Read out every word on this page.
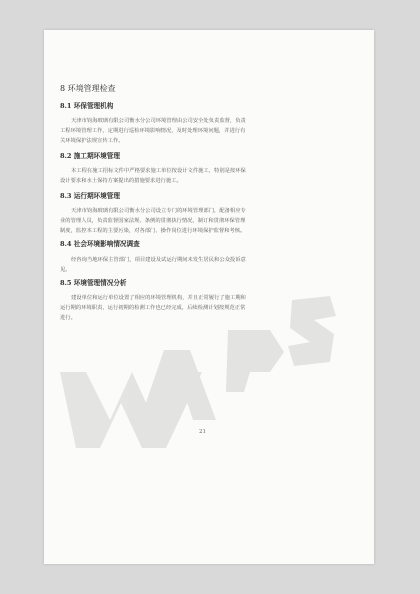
8 环境管理检查
8.1 环保管理机构
天津市钧海玻璃有限公司衡水分公司环境管理由公司安全处负责监督，负责
工程环境管理工作，定期进行巡检环境影响情况，及时处理环境问题，并进行有
关环境保护法规宣传工作。
8.2 施工期环境管理
本工程在施工招标文件中严格要求施工单位按设计文件施工，特别是按环保
设计要求和水土保持方案提出的措施要求进行施工。
8.3 运行期环境管理
天津市钧海玻璃有限公司衡水分公司设立专门的环境管理部门，配备相应专
业的管理人员，负责监督国家法规、条例的贯彻执行情况，制订和贯彻环保管理
制度，监控本工程的主要污染，对各部门、操作岗位进行环境保护监督和考核。
8.4 社会环境影响情况调查
经咨询当地环保主管部门，项目建设及试运行期间未发生居民和公众投诉意
见。
8.5 环境管理情况分析
建设单位和运行单位设置了相应的环境管理机构，并且正常履行了施工期和
运行期的环境职责，运行初期的检测工作也已经完成，后续检测计划按规范正常
进行。
21
